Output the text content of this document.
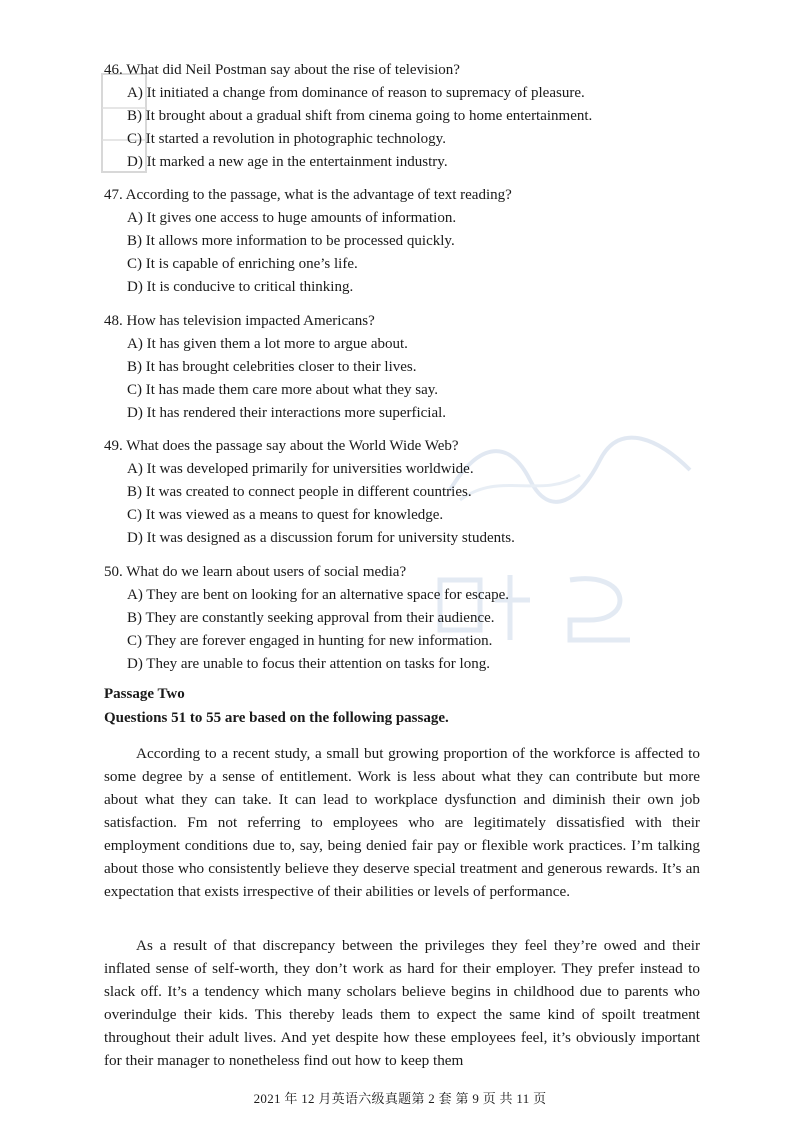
46. What did Neil Postman say about the rise of television?
A) It initiated a change from dominance of reason to supremacy of pleasure.
B) It brought about a gradual shift from cinema going to home entertainment.
C) It started a revolution in photographic technology.
D) It marked a new age in the entertainment industry.
47. According to the passage, what is the advantage of text reading?
A) It gives one access to huge amounts of information.
B) It allows more information to be processed quickly.
C) It is capable of enriching one’s life.
D) It is conducive to critical thinking.
48. How has television impacted Americans?
A) It has given them a lot more to argue about.
B) It has brought celebrities closer to their lives.
C) It has made them care more about what they say.
D) It has rendered their interactions more superficial.
49. What does the passage say about the World Wide Web?
A) It was developed primarily for universities worldwide.
B) It was created to connect people in different countries.
C) It was viewed as a means to quest for knowledge.
D) It was designed as a discussion forum for university students.
50. What do we learn about users of social media?
A) They are bent on looking for an alternative space for escape.
B) They are constantly seeking approval from their audience.
C) They are forever engaged in hunting for new information.
D) They are unable to focus their attention on tasks for long.
Passage Two
Questions 51 to 55 are based on the following passage.

According to a recent study, a small but growing proportion of the workforce is affected to some degree by a sense of entitlement. Work is less about what they can contribute but more about what they can take. It can lead to workplace dysfunction and diminish their own job satisfaction. Fm not referring to employees who are legitimately dissatisfied with their employment conditions due to, say, being denied fair pay or flexible work practices. I’m talking about those who consistently believe they deserve special treatment and generous rewards. It’s an expectation that exists irrespective of their abilities or levels of performance.

As a result of that discrepancy between the privileges they feel they’re owed and their inflated sense of self-worth, they don’t work as hard for their employer. They prefer instead to slack off. It’s a tendency which many scholars believe begins in childhood due to parents who overindulge their kids. This thereby leads them to expect the same kind of spoilt treatment throughout their adult lives. And yet despite how these employees feel, it’s obviously important for their manager to nonetheless find out how to keep them

2021 年 12 月英语六级真题第 2 套 第 9 页 共 11 页
